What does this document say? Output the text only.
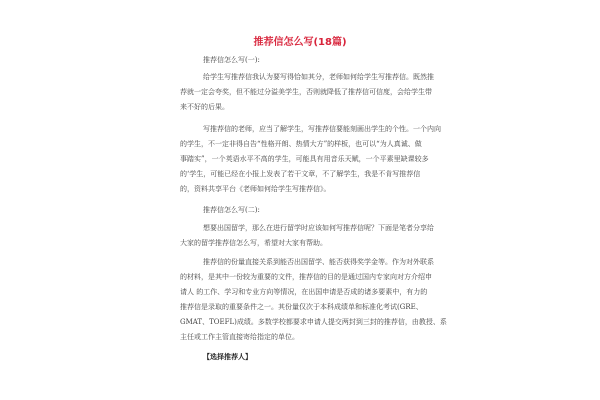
推荐信怎么写(18篇)
推荐信怎么写(一):
给学生写推荐信我认为要写得恰如其分，老师如何给学生写推荐信。既然推
荐就一定会夸奖，但不能过分溢美学生，否则就降低了推荐信可信度，会给学生带
来不好的后果。
写推荐信的老师，应当了解学生，写推荐信要能刻画出学生的个性。一个内向
的学生，不一定非得自告“性格开朗、热情大方”的样板，也可以“为人真诚、做
事踏实”，一个英语水平不高的学生，可能具有用音乐天赋，一个平素里缺课较多
的‘学生，可能已经在小报上发表了若干文章，不了解学生，我是不肯写推荐信
的，资料共享平台《老师如何给学生写推荐信》。
推荐信怎么写(二):
想要出国留学，那么在进行留学时应该如何写推荐信呢？下面是笔者分享给
大家的留学推荐信怎么写，希望对大家有帮助。
推荐信的份量直接关系到能否出国留学、能否获得奖学金等。作为对外联系
的材料，是其中一份较为重要的文件，推荐信的目的是通过国内专家向对方介绍申
请人 的工作、学习和专业方向等情况，在出国申请是否成的诸多要素中，有力的
推荐信是录取的重要条件之一。其份量仅次于本科成绩单和标准化考试(GRE、
GMAT、TOEFL)成绩。多数学校都要求申请人提交两封到三封的推荐信，由教授、系
主任或工作主管直接寄给指定的单位。
【选择推荐人】
